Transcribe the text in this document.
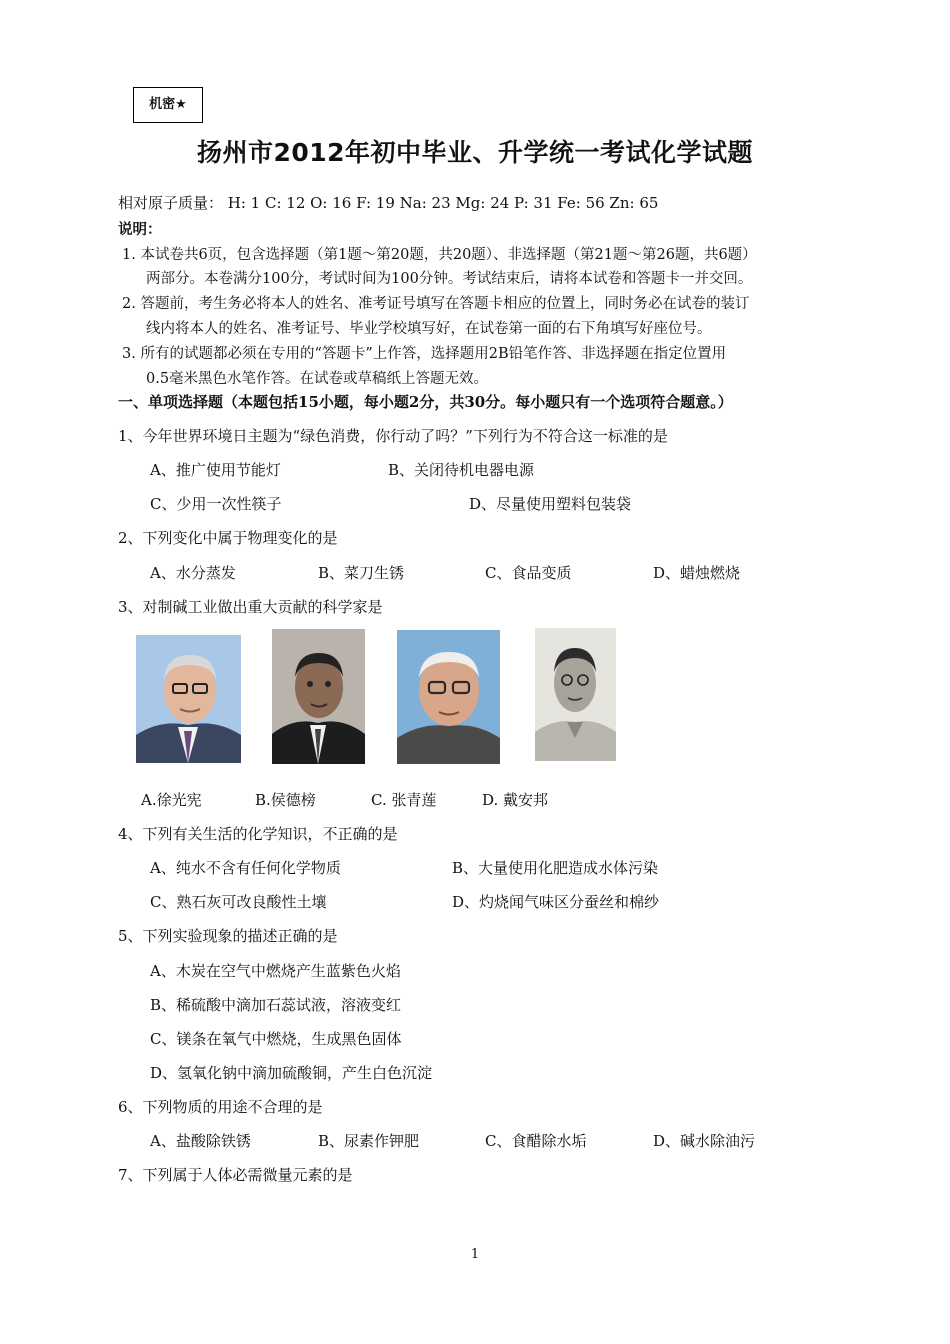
机密★
扬州市2012年初中毕业、升学统一考试化学试题
相对原子质量： H: 1 C: 12 O: 16 F: 19 Na: 23 Mg: 24 P: 31 Fe: 56 Zn: 65
说明：
1. 本试卷共6页，包含选择题（第1题～第20题，共20题）、非选择题（第21题～第26题，共6题）
两部分。本卷满分100分，考试时间为100分钟。考试结束后，请将本试卷和答题卡一并交回。
2. 答题前，考生务必将本人的姓名、准考证号填写在答题卡相应的位置上，同时务必在试卷的装订
线内将本人的姓名、准考证号、毕业学校填写好，在试卷第一面的右下角填写好座位号。
3. 所有的试题都必须在专用的“答题卡”上作答，选择题用2B铅笔作答、非选择题在指定位置用
0.5毫米黑色水笔作答。在试卷或草稿纸上答题无效。
一、单项选择题（本题包括15小题，每小题2分，共30分。每小题只有一个选项符合题意。）
1、今年世界环境日主题为“绿色消费，你行动了吗？”下列行为不符合这一标准的是
A、推广使用节能灯	B、关闭待机电器电源
C、少用一次性筷子	D、尽量使用塑料包装袋
2、下列变化中属于物理变化的是
A、水分蒸发	B、菜刀生锈	C、食品变质	D、蜡烛燃烧
3、对制碱工业做出重大贡献的科学家是
A.徐光宪	B.侯德榜	C. 张青莲	D. 戴安邦
4、下列有关生活的化学知识，不正确的是
A、纯水不含有任何化学物质	B、大量使用化肥造成水体污染
C、熟石灰可改良酸性土壤	D、灼烧闻气味区分蚕丝和棉纱
5、下列实验现象的描述正确的是
A、木炭在空气中燃烧产生蓝紫色火焰
B、稀硫酸中滴加石蕊试液，溶液变红
C、镁条在氧气中燃烧，生成黑色固体
D、氢氧化钠中滴加硫酸铜，产生白色沉淀
6、下列物质的用途不合理的是
A、盐酸除铁锈	B、尿素作钾肥	C、食醋除水垢	D、碱水除油污
7、下列属于人体必需微量元素的是
1
